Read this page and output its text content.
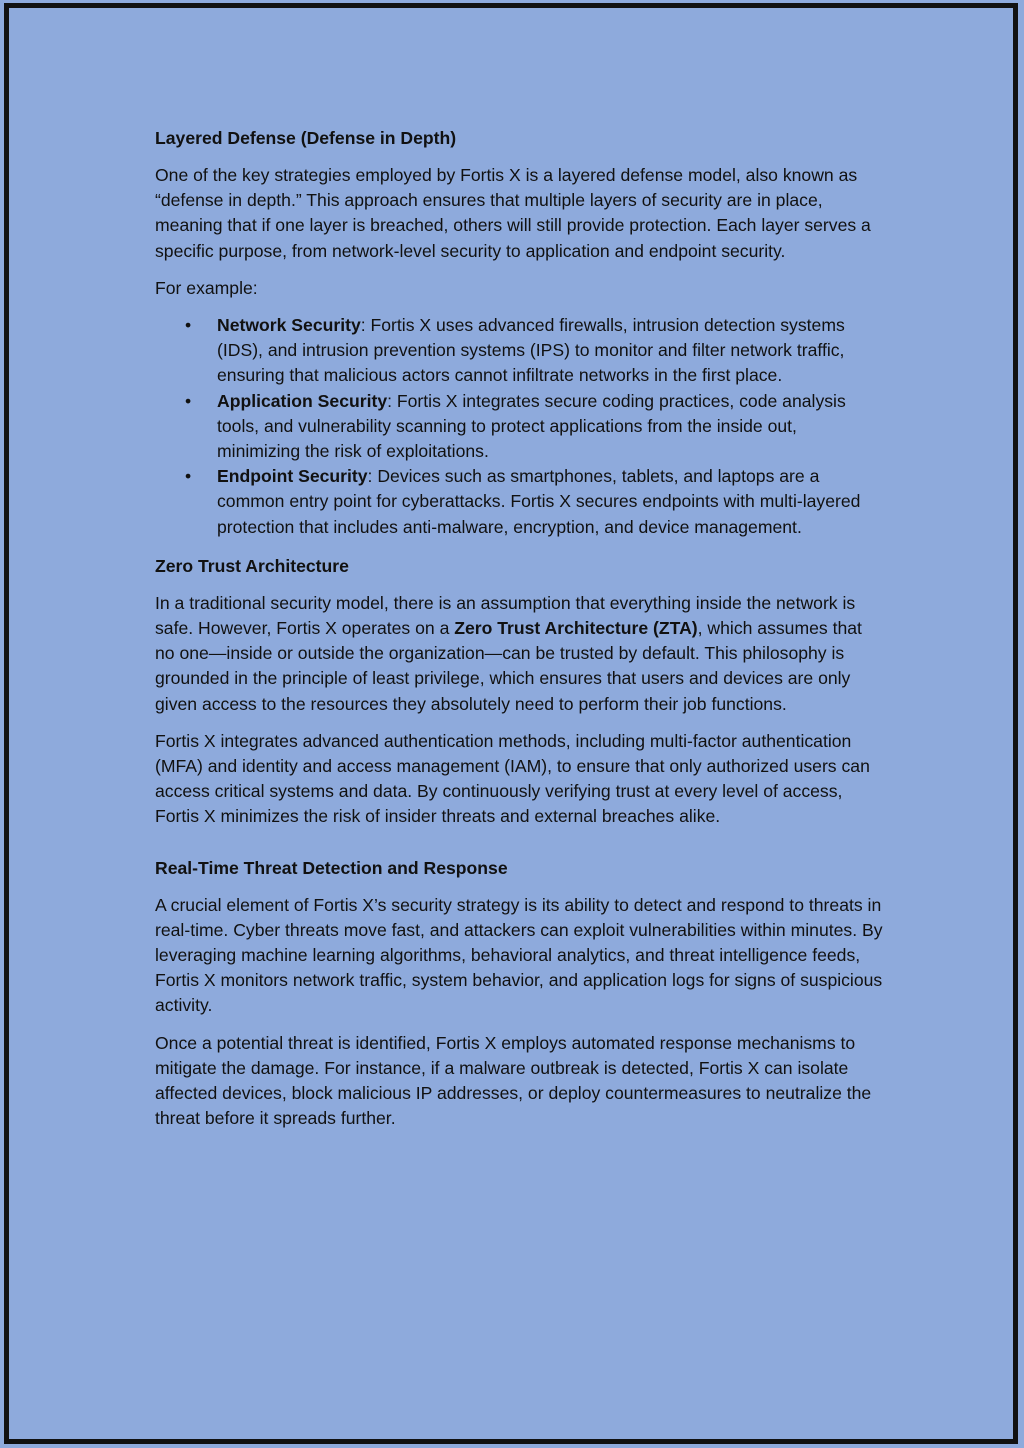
Layered Defense (Defense in Depth)

One of the key strategies employed by Fortis X is a layered defense model, also known as “defense in depth.” This approach ensures that multiple layers of security are in place, meaning that if one layer is breached, others will still provide protection. Each layer serves a specific purpose, from network-level security to application and endpoint security.

For example:

• Network Security: Fortis X uses advanced firewalls, intrusion detection systems (IDS), and intrusion prevention systems (IPS) to monitor and filter network traffic, ensuring that malicious actors cannot infiltrate networks in the first place.
• Application Security: Fortis X integrates secure coding practices, code analysis tools, and vulnerability scanning to protect applications from the inside out, minimizing the risk of exploitations.
• Endpoint Security: Devices such as smartphones, tablets, and laptops are a common entry point for cyberattacks. Fortis X secures endpoints with multi-layered protection that includes anti-malware, encryption, and device management.
Zero Trust Architecture

In a traditional security model, there is an assumption that everything inside the network is safe. However, Fortis X operates on a Zero Trust Architecture (ZTA), which assumes that no one—inside or outside the organization—can be trusted by default. This philosophy is grounded in the principle of least privilege, which ensures that users and devices are only given access to the resources they absolutely need to perform their job functions.

Fortis X integrates advanced authentication methods, including multi-factor authentication (MFA) and identity and access management (IAM), to ensure that only authorized users can access critical systems and data. By continuously verifying trust at every level of access, Fortis X minimizes the risk of insider threats and external breaches alike.

Real-Time Threat Detection and Response

A crucial element of Fortis X’s security strategy is its ability to detect and respond to threats in real-time. Cyber threats move fast, and attackers can exploit vulnerabilities within minutes. By leveraging machine learning algorithms, behavioral analytics, and threat intelligence feeds, Fortis X monitors network traffic, system behavior, and application logs for signs of suspicious activity.

Once a potential threat is identified, Fortis X employs automated response mechanisms to mitigate the damage. For instance, if a malware outbreak is detected, Fortis X can isolate affected devices, block malicious IP addresses, or deploy countermeasures to neutralize the threat before it spreads further.
